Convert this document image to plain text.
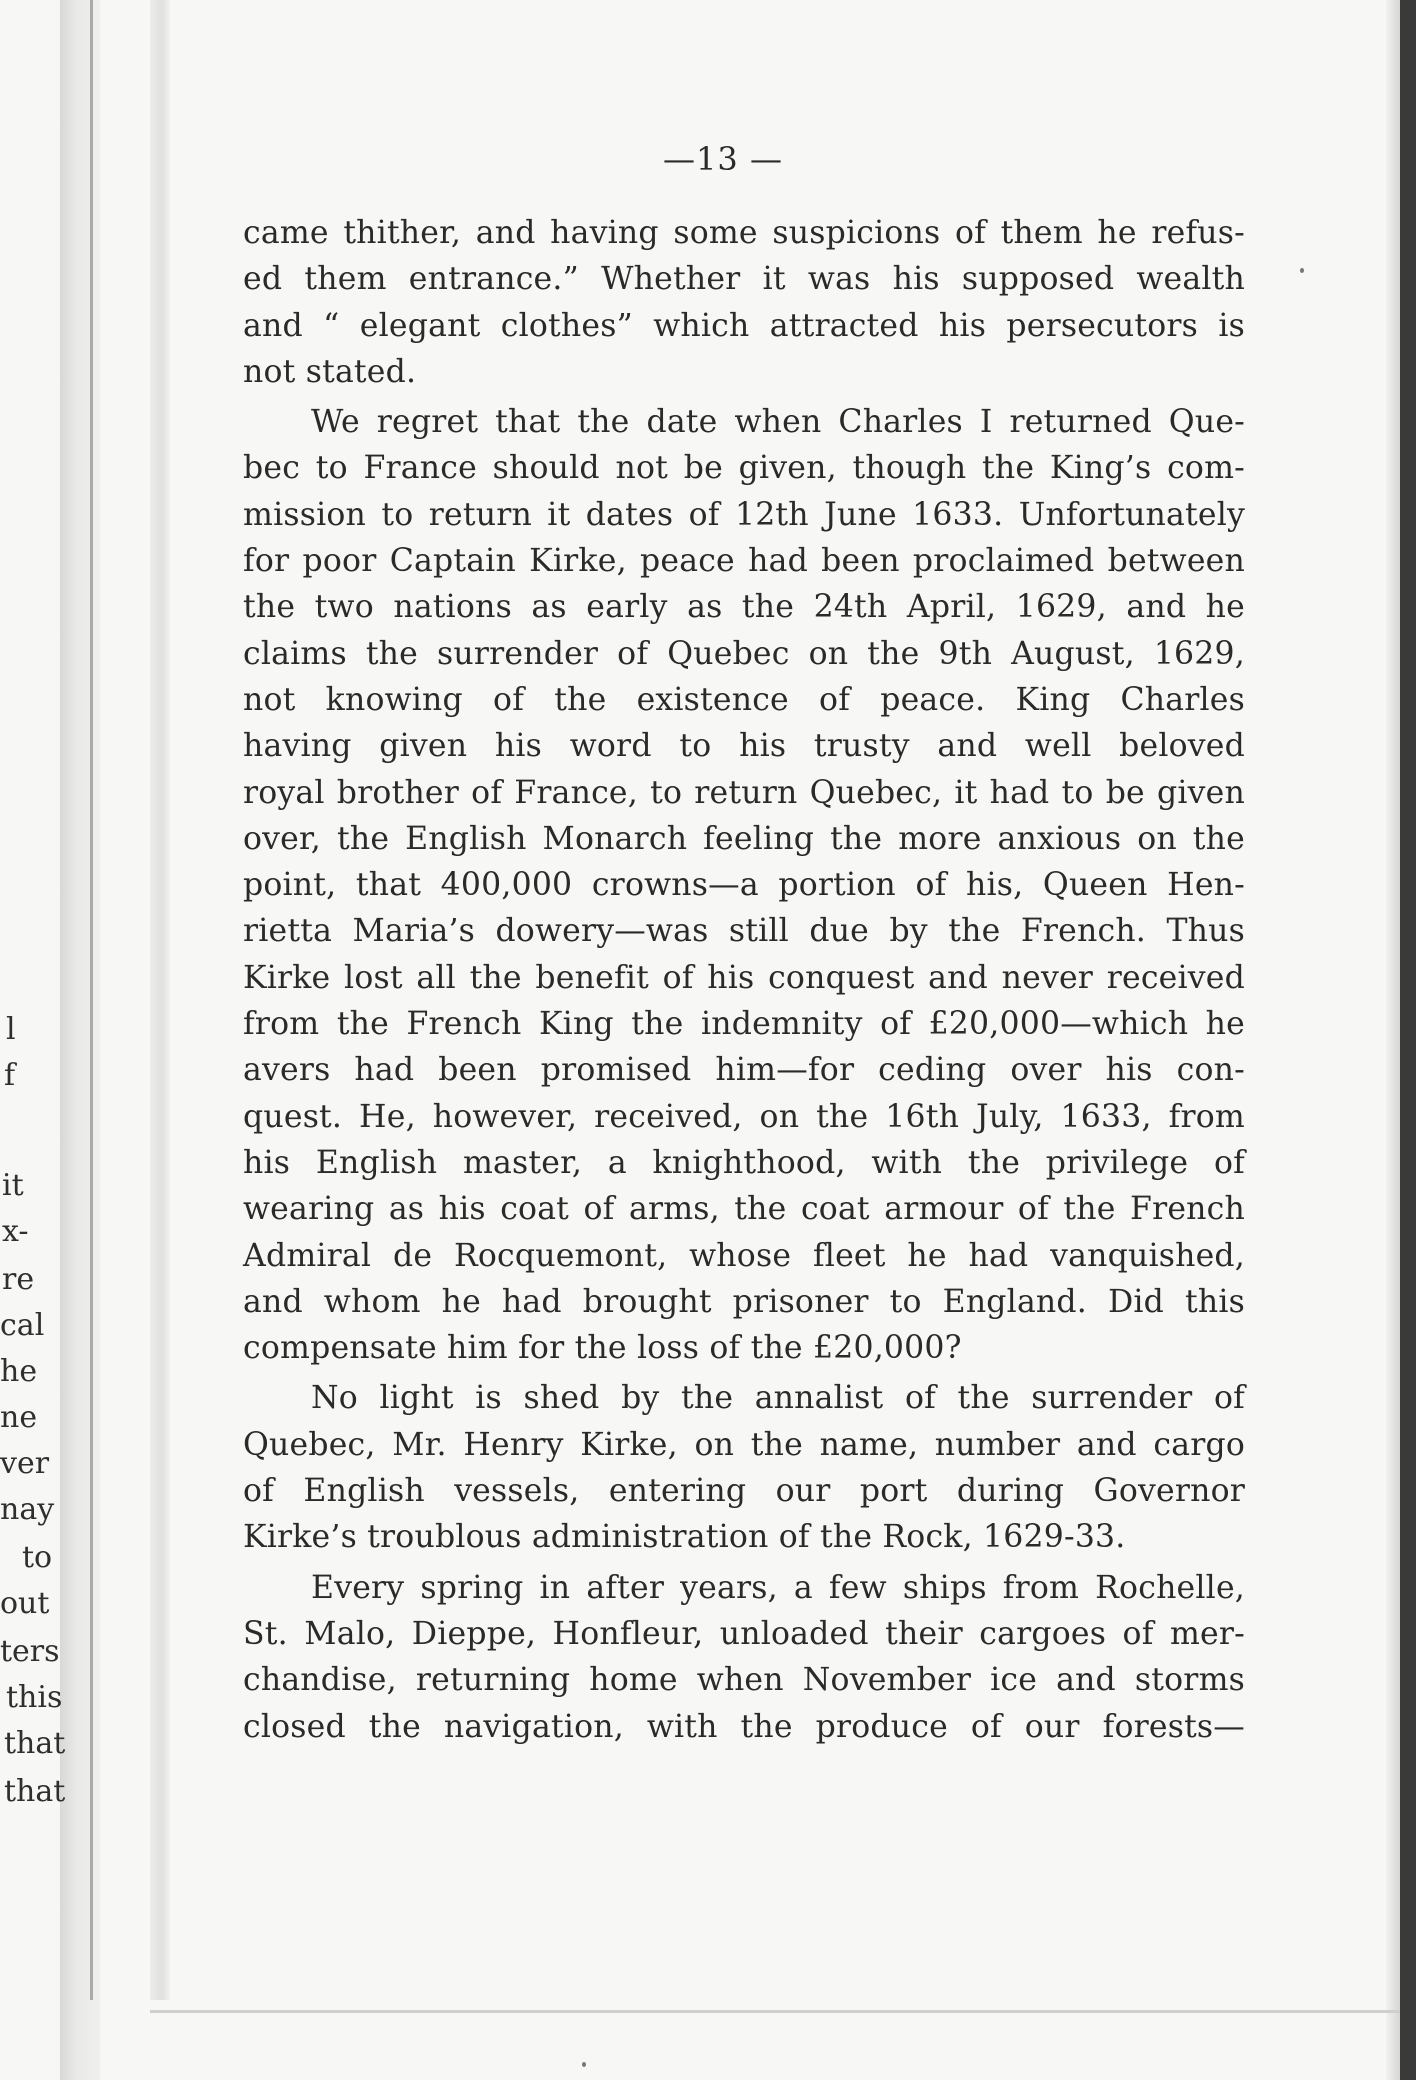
l
f
it
x-
re
cal
he
ne
ver
nay
to
out
ters
this
that
that
—13 —
came thither, and having some suspicions of them he refus-
ed them entrance.” Whether it was his supposed wealth
and “ elegant clothes” which attracted his persecutors is
not stated.
We regret that the date when Charles I returned Que-
bec to France should not be given, though the King’s com-
mission to return it dates of 12th June 1633. Unfortunately
for poor Captain Kirke, peace had been proclaimed between
the two nations as early as the 24th April, 1629, and he
claims the surrender of Quebec on the 9th August, 1629,
not knowing of the existence of peace. King Charles
having given his word to his trusty and well beloved
royal brother of France, to return Quebec, it had to be given
over, the English Monarch feeling the more anxious on the
point, that 400,000 crowns—a portion of his, Queen Hen-
rietta Maria’s dowery—was still due by the French. Thus
Kirke lost all the benefit of his conquest and never received
from the French King the indemnity of £20,000—which he
avers had been promised him—for ceding over his con-
quest. He, however, received, on the 16th July, 1633, from
his English master, a knighthood, with the privilege of
wearing as his coat of arms, the coat armour of the French
Admiral de Rocquemont, whose fleet he had vanquished,
and whom he had brought prisoner to England. Did this
compensate him for the loss of the £20,000?
No light is shed by the annalist of the surrender of
Quebec, Mr. Henry Kirke, on the name, number and cargo
of English vessels, entering our port during Governor
Kirke’s troublous administration of the Rock, 1629-33.
Every spring in after years, a few ships from Rochelle,
St. Malo, Dieppe, Honfleur, unloaded their cargoes of mer-
chandise, returning home when November ice and storms
closed the navigation, with the produce of our forests—
